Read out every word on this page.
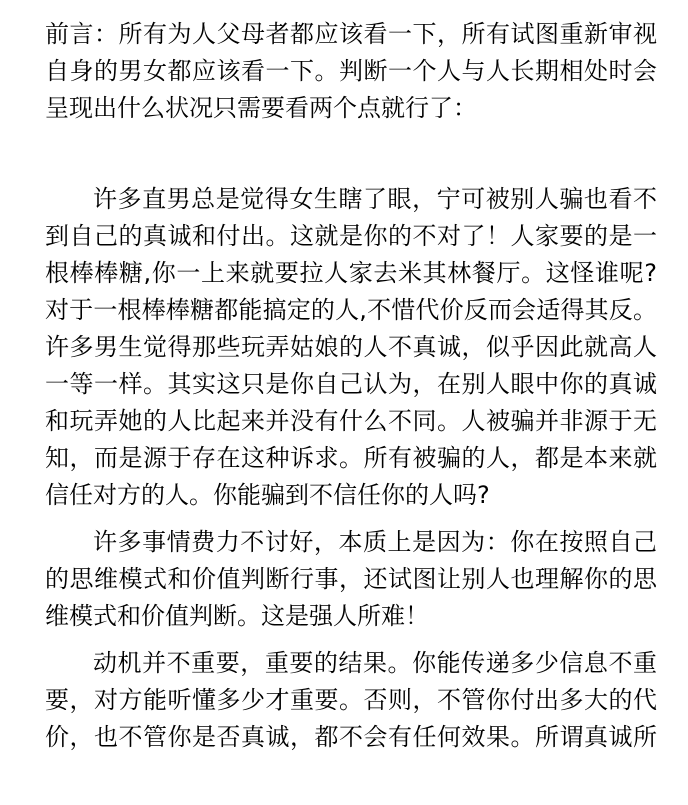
前言：所有为人父母者都应该看一下，所有试图重新审视
自身的男女都应该看一下。判断一个人与人长期相处时会
呈现出什么状况只需要看两个点就行了：
许多直男总是觉得女生瞎了眼，宁可被别人骗也看不
到自己的真诚和付出。这就是你的不对了！人家要的是一
根棒棒糖,你一上来就要拉人家去米其林餐厅。这怪谁呢?
对于一根棒棒糖都能搞定的人,不惜代价反而会适得其反。
许多男生觉得那些玩弄姑娘的人不真诚，似乎因此就高人
一等一样。其实这只是你自己认为，在别人眼中你的真诚
和玩弄她的人比起来并没有什么不同。人被骗并非源于无
知，而是源于存在这种诉求。所有被骗的人，都是本来就
信任对方的人。你能骗到不信任你的人吗?
许多事情费力不讨好，本质上是因为：你在按照自己
的思维模式和价值判断行事，还试图让别人也理解你的思
维模式和价值判断。这是强人所难！
动机并不重要，重要的结果。你能传递多少信息不重
要，对方能听懂多少才重要。否则，不管你付出多大的代
价，也不管你是否真诚，都不会有任何效果。所谓真诚所
